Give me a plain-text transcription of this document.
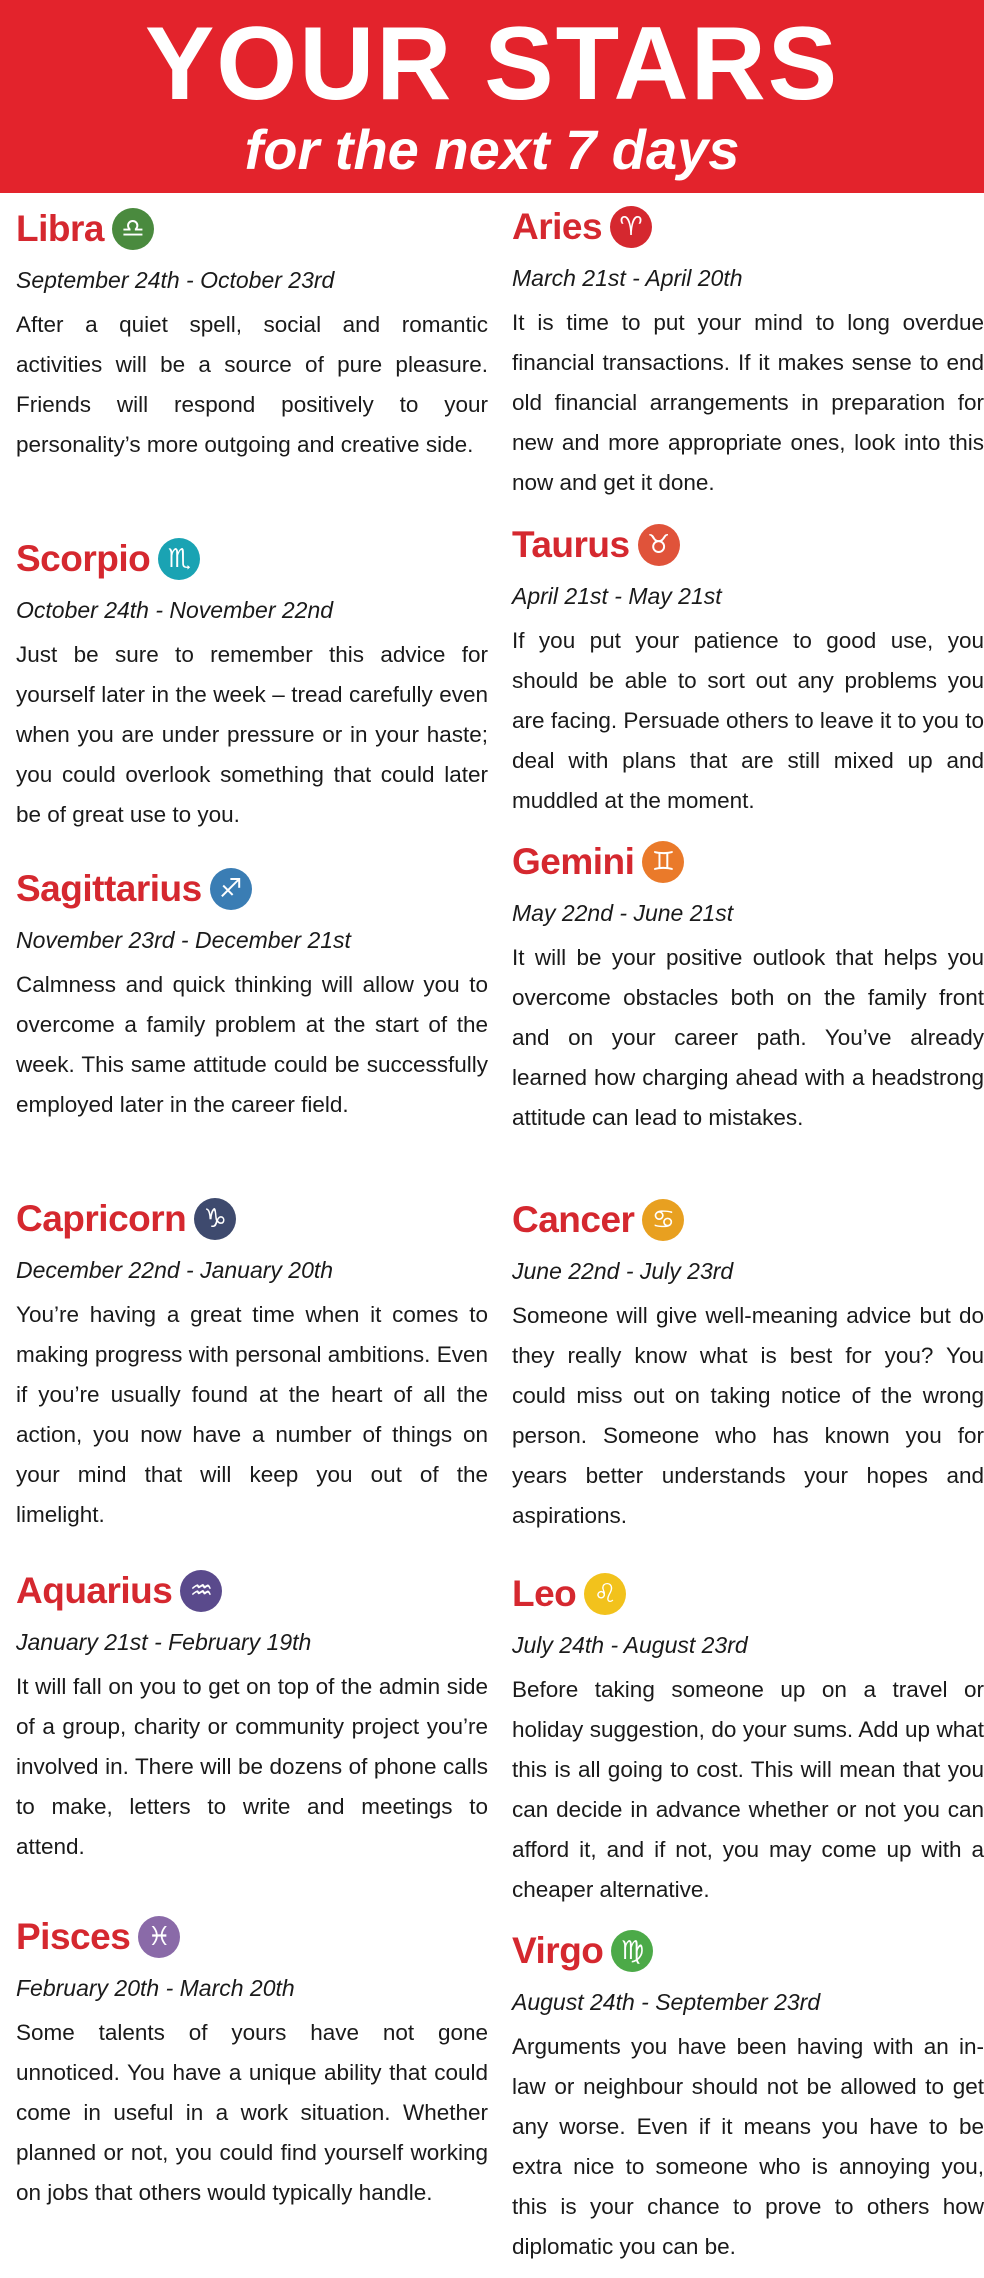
YOUR STARS
for the next 7 days
Libra ♎
September 24th - October 23rd
After a quiet spell, social and romantic activities will be a source of pure pleasure. Friends will respond positively to your personality’s more outgoing and creative side.
Scorpio ♏
October 24th - November 22nd
Just be sure to remember this advice for yourself later in the week – tread carefully even when you are under pressure or in your haste; you could overlook something that could later be of great use to you.
Sagittarius ♐
November 23rd - December 21st
Calmness and quick thinking will allow you to overcome a family problem at the start of the week. This same attitude could be successfully employed later in the career field.
Capricorn ♑
December 22nd - January 20th
You’re having a great time when it comes to making progress with personal ambitions. Even if you’re usually found at the heart of all the action, you now have a number of things on your mind that will keep you out of the limelight.
Aquarius ♒
January 21st - February 19th
It will fall on you to get on top of the admin side of a group, charity or community project you’re involved in. There will be dozens of phone calls to make, letters to write and meetings to attend.
Pisces ♓
February 20th - March 20th
Some talents of yours have not gone unnoticed. You have a unique ability that could come in useful in a work situation. Whether planned or not, you could find yourself working on jobs that others would typically handle.
Aries ♈
March 21st - April 20th
It is time to put your mind to long overdue financial transactions. If it makes sense to end old financial arrangements in preparation for new and more appropriate ones, look into this now and get it done.
Taurus ♉
April 21st - May 21st
If you put your patience to good use, you should be able to sort out any problems you are facing. Persuade others to leave it to you to deal with plans that are still mixed up and muddled at the moment.
Gemini ♊
May 22nd - June 21st
It will be your positive outlook that helps you overcome obstacles both on the family front and on your career path. You’ve already learned how charging ahead with a headstrong attitude can lead to mistakes.
Cancer ♋
June 22nd - July 23rd
Someone will give well-meaning advice but do they really know what is best for you? You could miss out on taking notice of the wrong person. Someone who has known you for years better understands your hopes and aspirations.
Leo ♌
July 24th - August 23rd
Before taking someone up on a travel or holiday suggestion, do your sums. Add up what this is all going to cost. This will mean that you can decide in advance whether or not you can afford it, and if not, you may come up with a cheaper alternative.
Virgo ♍
August 24th - September 23rd
Arguments you have been having with an in-law or neighbour should not be allowed to get any worse. Even if it means you have to be extra nice to someone who is annoying you, this is your chance to prove to others how diplomatic you can be.
